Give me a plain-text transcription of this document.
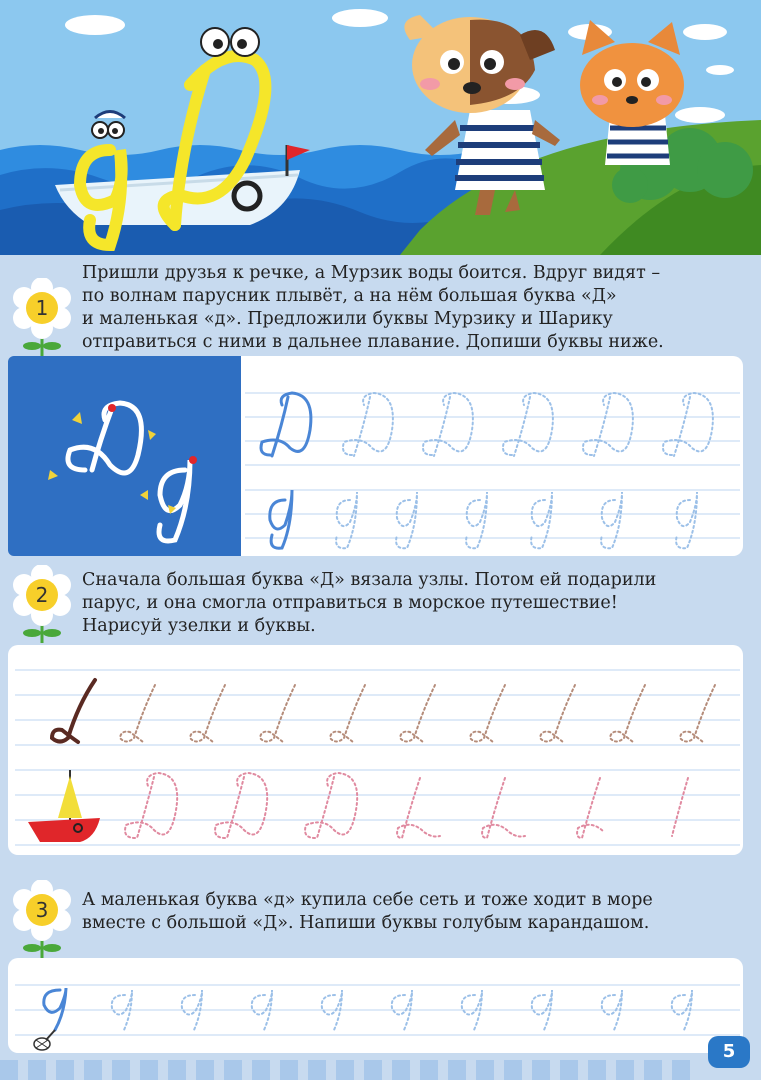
1
Пришли друзья к речке, а Мурзик воды боится. Вдруг видят –
по волнам парусник плывёт, а на нём большая буква «Д»
и маленькая «д». Предложили буквы Мурзику и Шарику
отправиться с ними в дальнее плавание. Допиши буквы ниже.
2
Сначала большая буква «Д» вязала узлы. Потом ей подарили
парус, и она смогла отправиться в морское путешествие!
Нарисуй узелки и буквы.
3 А маленькая буква «д» купила себе сеть и тоже ходит в море
вместе с большой «Д». Напиши буквы голубым карандашом.
5
